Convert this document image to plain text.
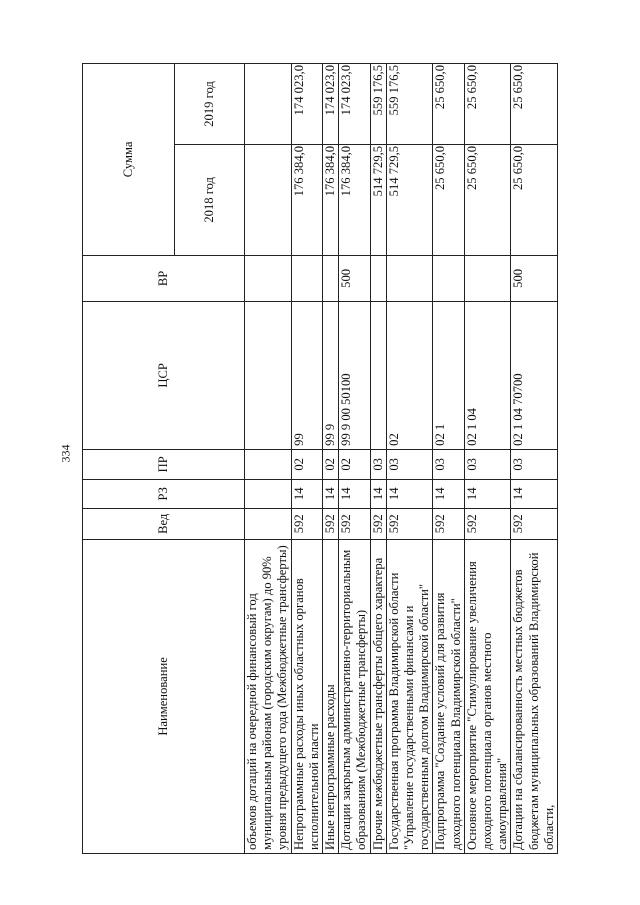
334
Наименование	Вед	РЗ	ПР	ЦСР	ВР	Сумма	
						2018 год	2019 год
объемов дотаций на очередной финансовый год муниципальным районам (городским округам) до 90% уровня предыдущего года (Межбюджетные трансферты)							
Непрограммные расходы иных областных органов исполнительной власти	592	14	02	99		176 384,0	174 023,0
Иные непрограммные расходы	592	14	02	99 9		176 384,0	174 023,0
Дотации закрытым административно-территориальным образованиям (Межбюджетные трансферты)	592	14	02	99 9 00 50100	500	176 384,0	174 023,0
Прочие межбюджетные трансферты общего характера	592	14	03			514 729,5	559 176,5
Государственная программа Владимирской области "Управление государственными финансами и государственным долгом Владимирской области"	592	14	03	02		514 729,5	559 176,5
Подпрограмма "Создание условий для развития доходного потенциала Владимирской области"	592	14	03	02 1		25 650,0	25 650,0
Основное мероприятие "Стимулирование увеличения доходного потенциала органов местного самоуправления"	592	14	03	02 1 04		25 650,0	25 650,0
Дотации на сбалансированность местных бюджетов бюджетам муниципальных образований Владимирской области,	592	14	03	02 1 04 70700	500	25 650,0	25 650,0
